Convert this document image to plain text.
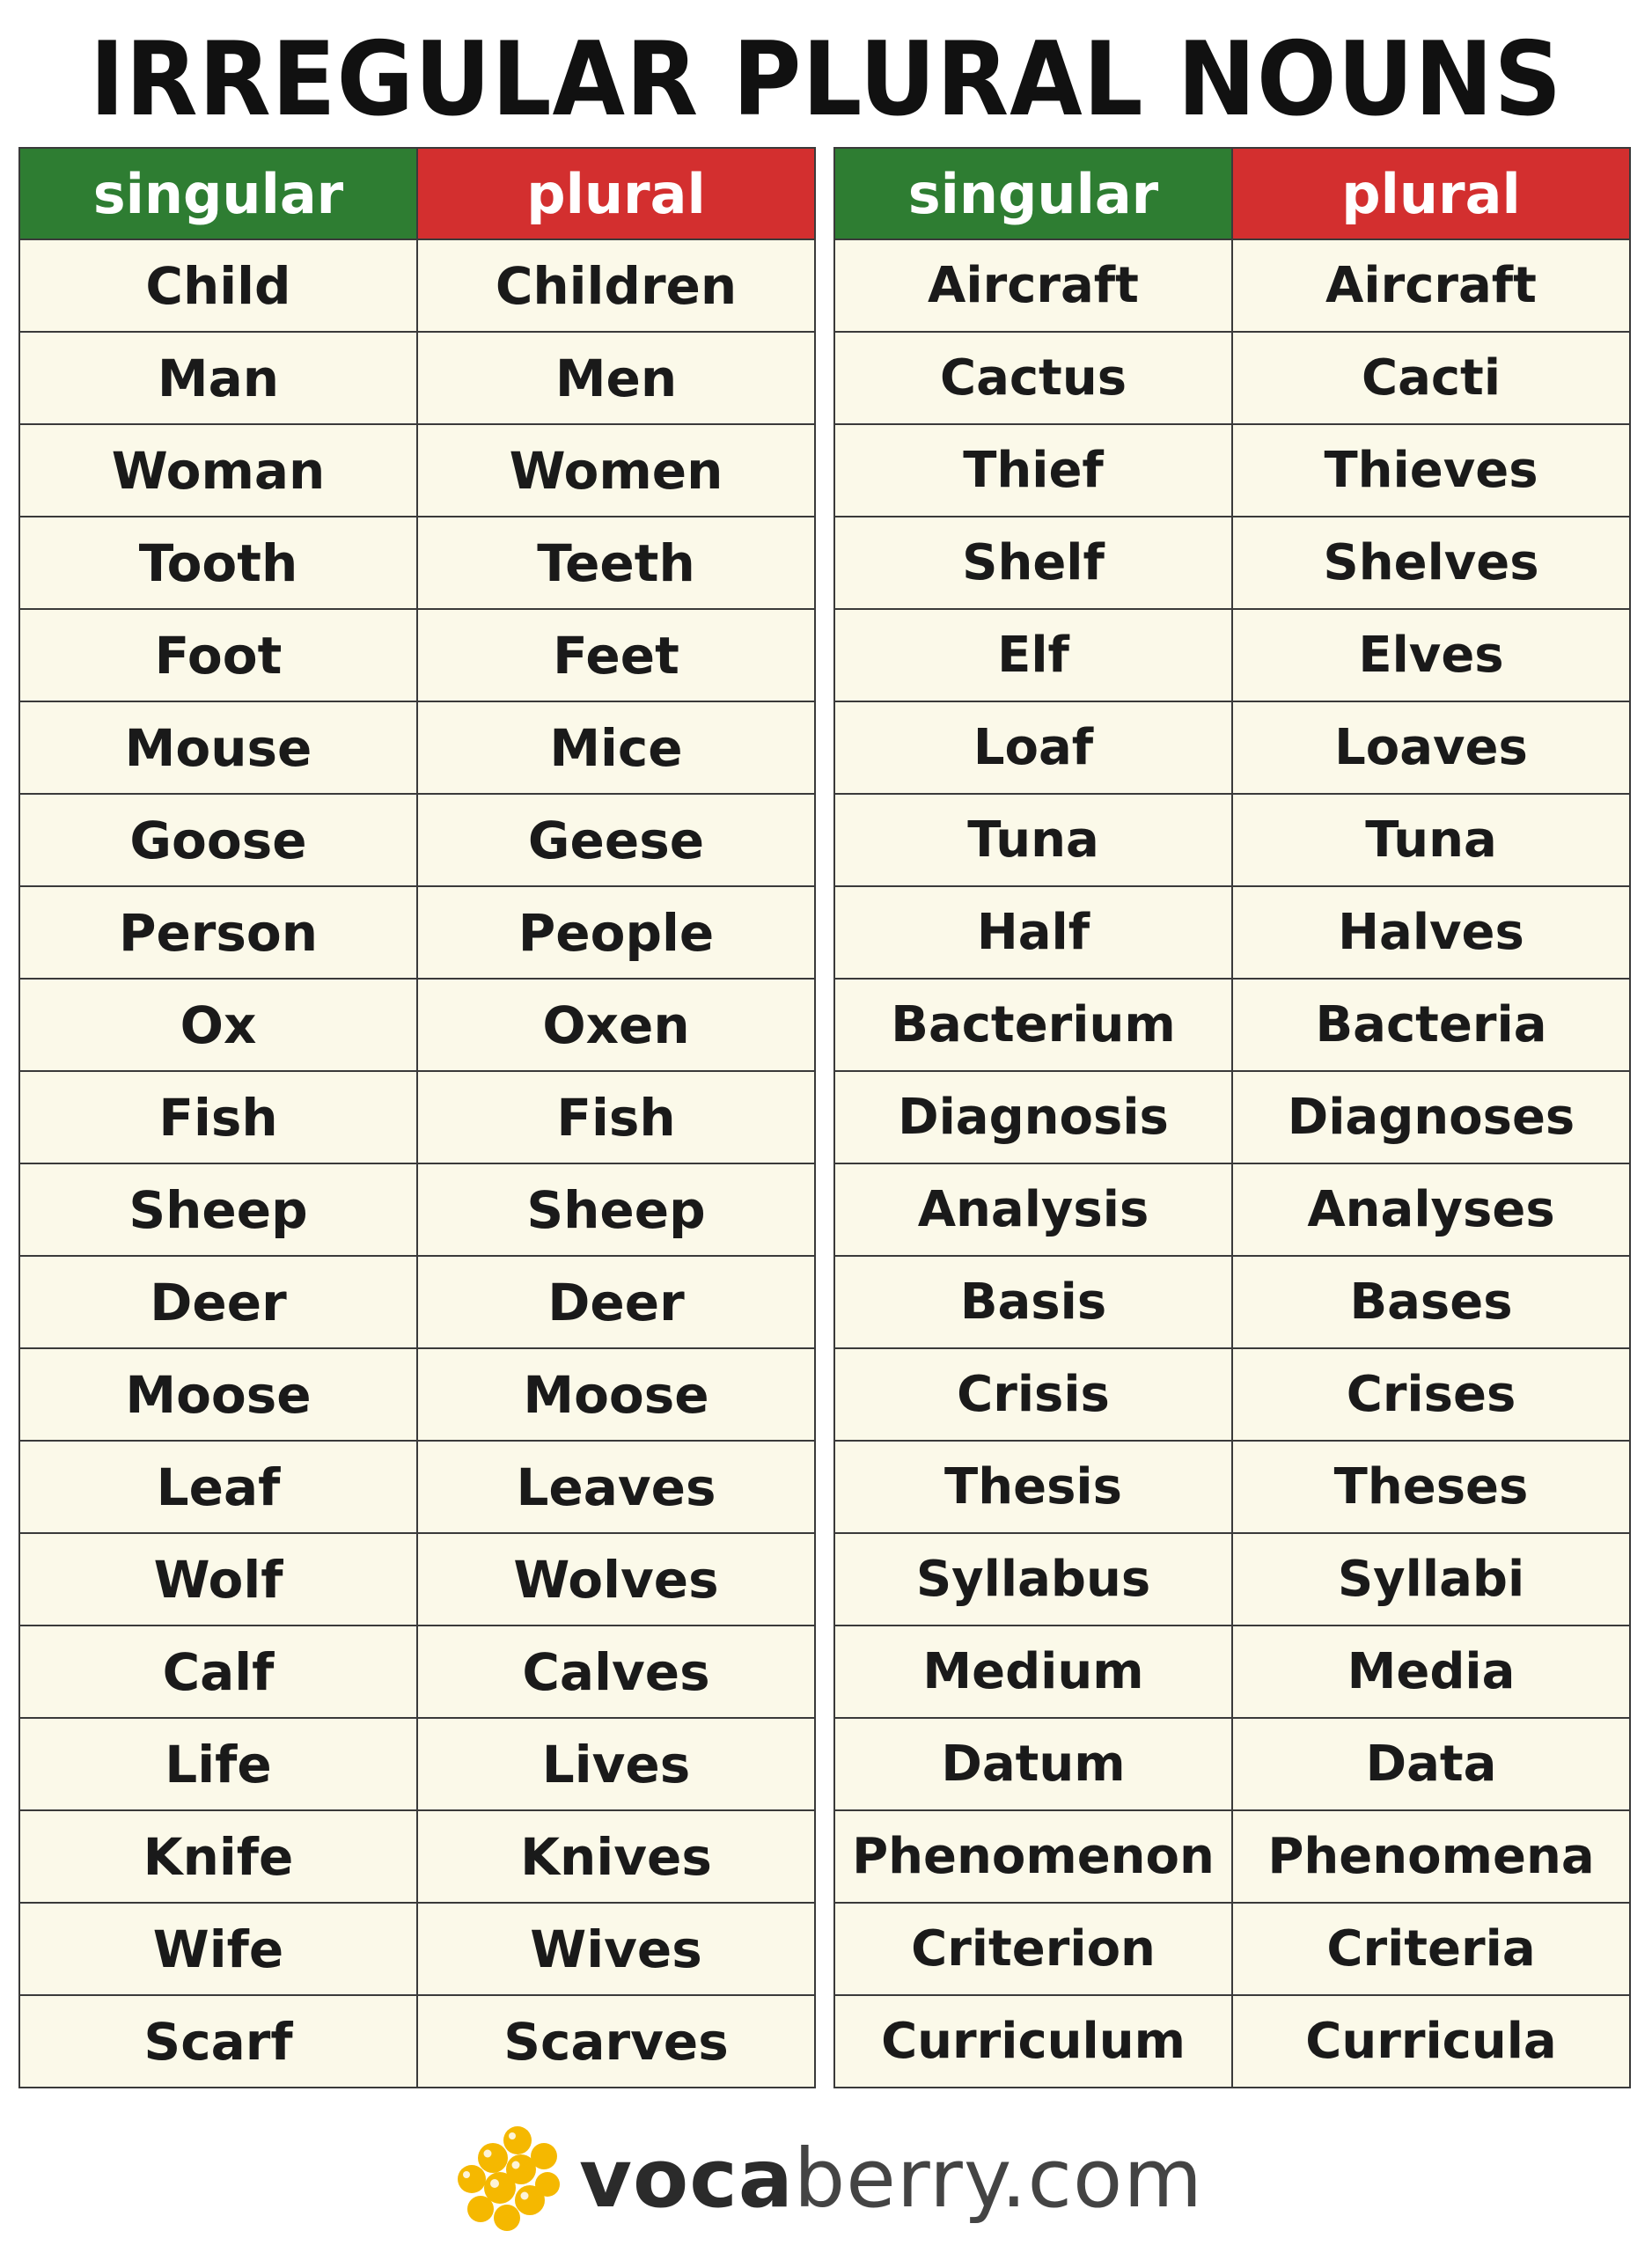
IRREGULAR PLURAL NOUNS
singular	plural
Child	Children
Man	Men
Woman	Women
Tooth	Teeth
Foot	Feet
Mouse	Mice
Goose	Geese
Person	People
Ox	Oxen
Fish	Fish
Sheep	Sheep
Deer	Deer
Moose	Moose
Leaf	Leaves
Wolf	Wolves
Calf	Calves
Life	Lives
Knife	Knives
Wife	Wives
Scarf	Scarves
singular	plural
Aircraft	Aircraft
Cactus	Cacti
Thief	Thieves
Shelf	Shelves
Elf	Elves
Loaf	Loaves
Tuna	Tuna
Half	Halves
Bacterium	Bacteria
Diagnosis	Diagnoses
Analysis	Analyses
Basis	Bases
Crisis	Crises
Thesis	Theses
Syllabus	Syllabi
Medium	Media
Datum	Data
Phenomenon	Phenomena
Criterion	Criteria
Curriculum	Curricula
vocaberry.com
